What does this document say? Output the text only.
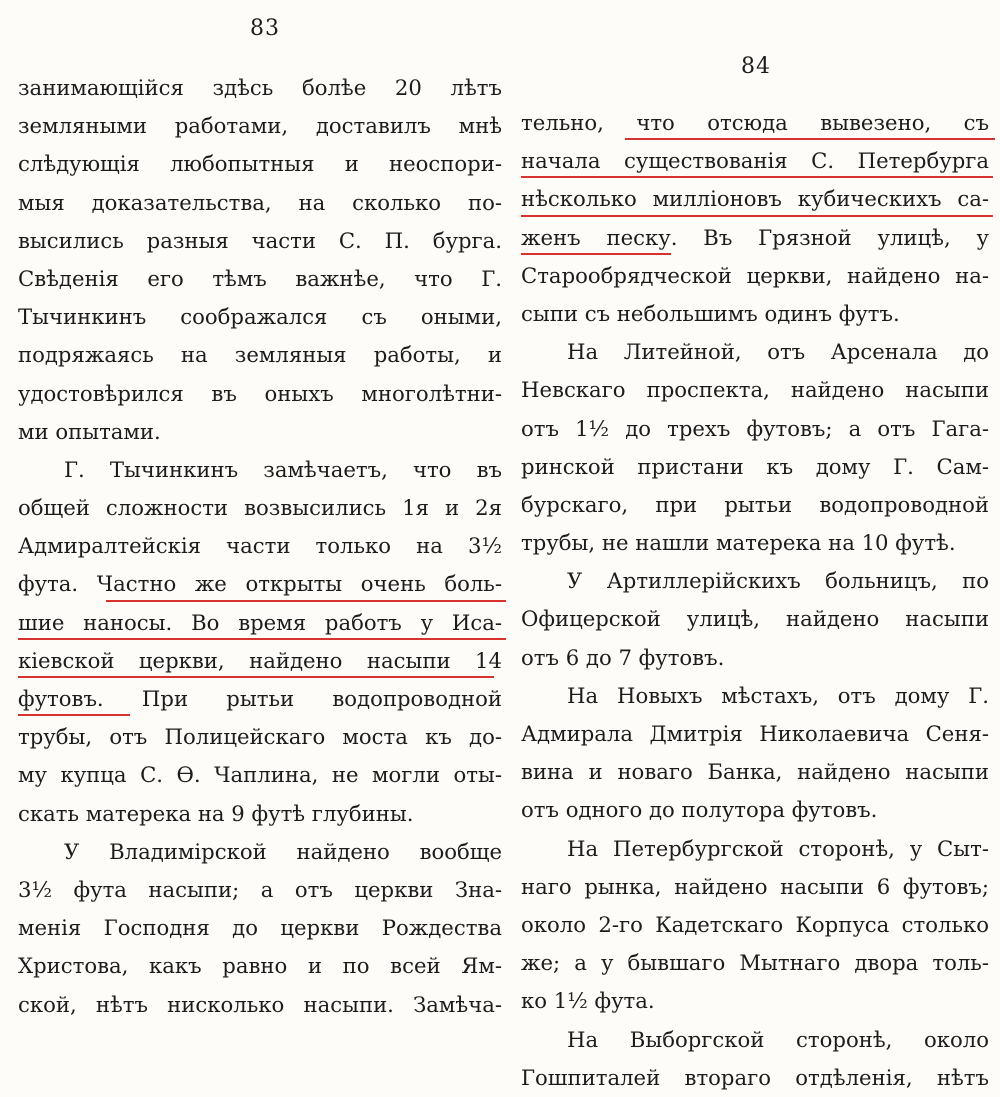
83
занимающійся здѣсь болѣе 20 лѣтъ
земляными работами, доставилъ мнѣ
слѣдующія любопытныя и неоспори-
мыя доказательства, на сколько по-
высились разныя части С. П. бурга.
Свѣденія его тѣмъ важнѣе, что Г.
Тычинкинъ соображался съ оными,
подряжаясь на земляныя работы, и
удостовѣрился въ оныхъ многолѣтни-
ми опытами.
Г. Тычинкинъ замѣчаетъ, что въ
общей сложности возвысились 1я и 2я
Адмиралтейскія части только на 3½
фута. Частно же открыты очень боль-
шие наносы. Во время работъ у Иса-
кіевской церкви, найдено насыпи 14
футовъ. При рытьи водопроводной
трубы, отъ Полицейскаго моста къ до-
му купца С. Ѳ. Чаплина, не могли оты-
скать матерека на 9 футѣ глубины.
У Владимірской найдено вообще
3½ фута насыпи; а отъ церкви Зна-
менія Господня до церкви Рождества
Христова, какъ равно и по всей Ям-
ской, нѣтъ нисколько насыпи. Замѣча-
84
тельно, что отсюда вывезено, съ
начала существованія С. Петербурга
нѣсколько милліоновъ кубическихъ са-
женъ песку. Въ Грязной улицѣ, у
Старообрядческой церкви, найдено на-
сыпи съ небольшимъ одинъ футъ.
На Литейной, отъ Арсенала до
Невскаго проспекта, найдено насыпи
отъ 1½ до трехъ футовъ; а отъ Гага-
ринской пристани къ дому Г. Сам-
бурскаго, при рытьи водопроводной
трубы, не нашли матерека на 10 футѣ.
У Артиллерійскихъ больницъ, по
Офицерской улицѣ, найдено насыпи
отъ 6 до 7 футовъ.
На Новыхъ мѣстахъ, отъ дому Г.
Адмирала Дмитрія Николаевича Сеня-
вина и новаго Банка, найдено насыпи
отъ одного до полутора футовъ.
На Петербургской сторонѣ, у Сыт-
наго рынка, найдено насыпи 6 футовъ;
около 2-го Кадетскаго Корпуса столько
же; а у бывшаго Мытнаго двора толь-
ко 1½ фута.
На Выборгской сторонѣ, около
Гошпиталей втораго отдѣленія, нѣтъ
